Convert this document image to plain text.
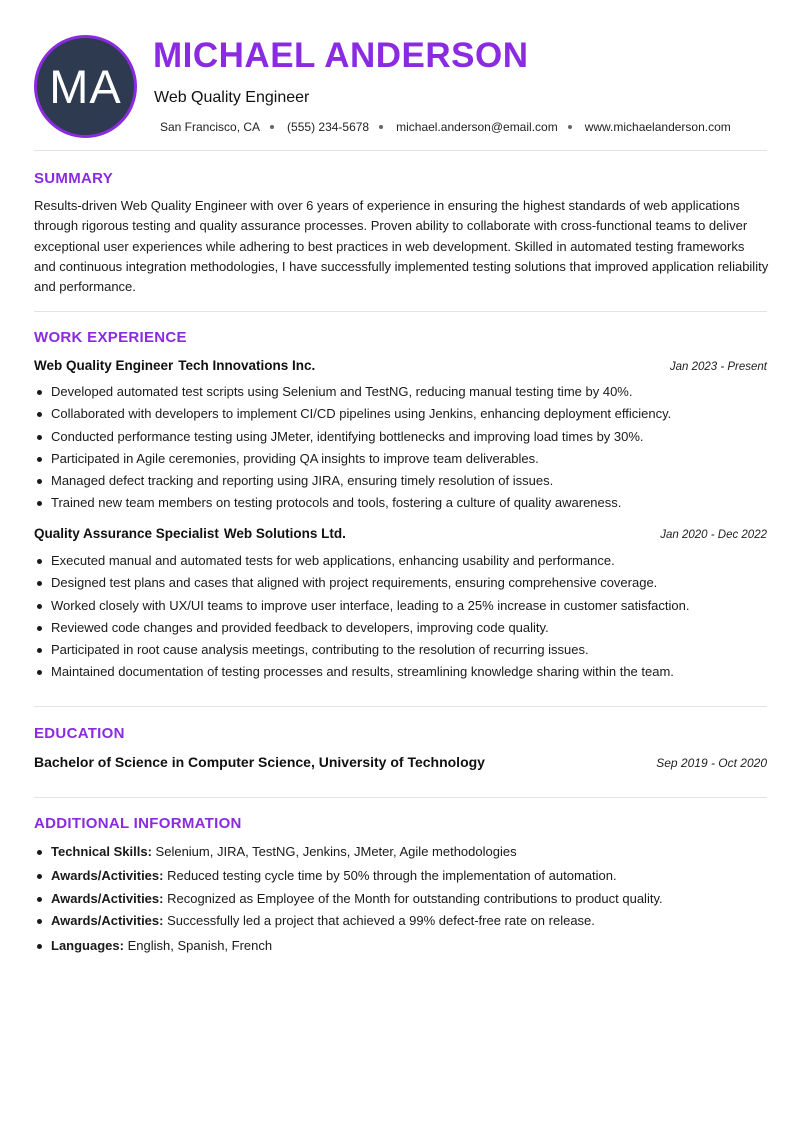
MA
MICHAEL ANDERSON
Web Quality Engineer
San Francisco, CA (555) 234-5678 michael.anderson@email.com www.michaelanderson.com
SUMMARY
Results-driven Web Quality Engineer with over 6 years of experience in ensuring the highest standards of web applications through rigorous testing and quality assurance processes. Proven ability to collaborate with cross-functional teams to deliver exceptional user experiences while adhering to best practices in web development. Skilled in automated testing frameworks and continuous integration methodologies, I have successfully implemented testing solutions that improved application reliability and performance.
WORK EXPERIENCE
Web Quality Engineer Tech Innovations Inc.	Jan 2023 - Present
Developed automated test scripts using Selenium and TestNG, reducing manual testing time by 40%.
Collaborated with developers to implement CI/CD pipelines using Jenkins, enhancing deployment efficiency.
Conducted performance testing using JMeter, identifying bottlenecks and improving load times by 30%.
Participated in Agile ceremonies, providing QA insights to improve team deliverables.
Managed defect tracking and reporting using JIRA, ensuring timely resolution of issues.
Trained new team members on testing protocols and tools, fostering a culture of quality awareness.
Quality Assurance Specialist Web Solutions Ltd.	Jan 2020 - Dec 2022
Executed manual and automated tests for web applications, enhancing usability and performance.
Designed test plans and cases that aligned with project requirements, ensuring comprehensive coverage.
Worked closely with UX/UI teams to improve user interface, leading to a 25% increase in customer satisfaction.
Reviewed code changes and provided feedback to developers, improving code quality.
Participated in root cause analysis meetings, contributing to the resolution of recurring issues.
Maintained documentation of testing processes and results, streamlining knowledge sharing within the team.
EDUCATION
Bachelor of Science in Computer Science, University of Technology	Sep 2019 - Oct 2020
ADDITIONAL INFORMATION
Technical Skills: Selenium, JIRA, TestNG, Jenkins, JMeter, Agile methodologies
Awards/Activities: Reduced testing cycle time by 50% through the implementation of automation.
Awards/Activities: Recognized as Employee of the Month for outstanding contributions to product quality.
Awards/Activities: Successfully led a project that achieved a 99% defect-free rate on release.
Languages: English, Spanish, French
